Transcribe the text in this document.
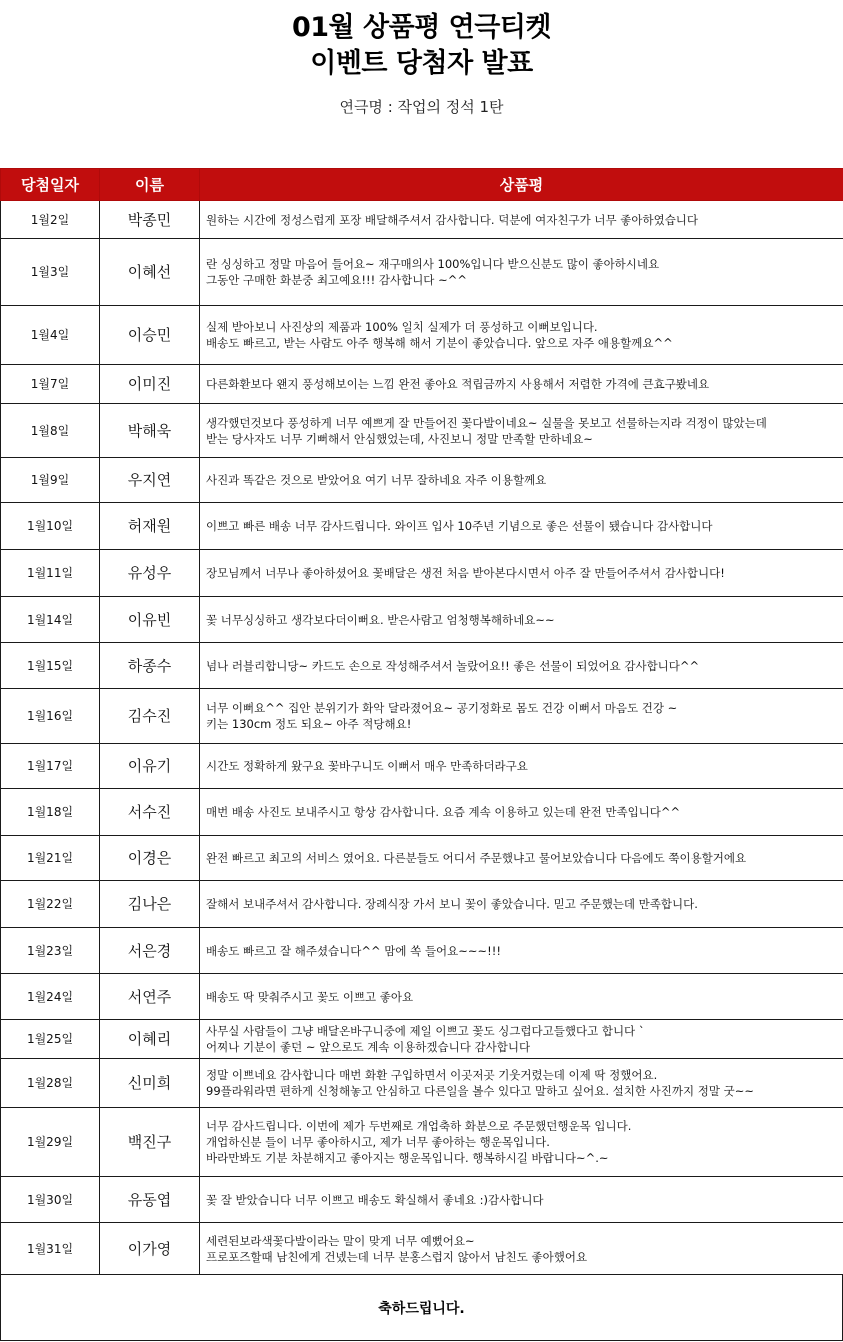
01월 상품평 연극티켓
이벤트 당첨자 발표
연극명 : 작업의 정석 1탄
당첨일자	이름	상품평
1월2일	박종민	원하는 시간에 정성스럽게 포장 배달해주셔서 감사합니다. 덕분에 여자친구가 너무 좋아하였습니다
1월3일	이혜선	란 싱싱하고 정말 마음어 들어요~ 재구매의사 100%입니다 받으신분도 많이 좋아하시네요
그동안 구매한 화분중 최고예요!!! 감사합니다 ~^^
1월4일	이승민	실제 받아보니 사진상의 제품과 100% 일치 실제가 더 풍성하고 이뻐보입니다.
배송도 빠르고, 받는 사람도 아주 행복해 해서 기분이 좋았습니다. 앞으로 자주 애용할께요^^
1월7일	이미진	다른화환보다 왠지 풍성해보이는 느낌 완전 좋아요 적립금까지 사용해서 저렴한 가격에 큰효구봤네요
1월8일	박해욱	생각했던것보다 풍성하게 너무 예쁘게 잘 만들어진 꽃다발이네요~ 실물을 못보고 선물하는지라 걱정이 많았는데
받는 당사자도 너무 기뻐해서 안심했었는데, 사진보니 정말 만족할 만하네요~
1월9일	우지연	사진과 똑같은 것으로 받았어요 여기 너무 잘하네요 자주 이용할께요
1월10일	허재원	이쁘고 빠른 배송 너무 감사드립니다. 와이프 입사 10주년 기념으로 좋은 선물이 됐습니다 감사합니다
1월11일	유성우	장모님께서 너무나 좋아하셨어요 꽃배달은 생전 처음 받아본다시면서 아주 잘 만들어주셔서 감사합니다!
1월14일	이유빈	꽃 너무싱싱하고 생각보다더이뻐요. 받은사람고 엄청행복해하네요~~
1월15일	하종수	넘나 러블리합니당~ 카드도 손으로 작성해주셔서 놀랐어요!! 좋은 선물이 되었어요 감사합니다^^
1월16일	김수진	너무 이뻐요^^ 집안 분위기가 화악 달라졌어요~ 공기정화로 몸도 건강 이뻐서 마음도 건강 ~
키는 130cm 정도 되요~ 아주 적당해요!
1월17일	이유기	시간도 정확하게 왔구요 꽃바구니도 이뻐서 매우 만족하더라구요
1월18일	서수진	매번 배송 사진도 보내주시고 항상 감사합니다. 요즘 계속 이용하고 있는데 완전 만족입니다^^
1월21일	이경은	완전 빠르고 최고의 서비스 였어요. 다른분들도 어디서 주문했냐고 물어보았습니다 다음에도 쭉이용할거에요
1월22일	김나은	잘해서 보내주셔서 감사합니다. 장례식장 가서 보니 꽃이 좋았습니다. 믿고 주문했는데 만족합니다.
1월23일	서은경	배송도 빠르고 잘 해주셨습니다^^ 맘에 쏙 들어요~~~!!!
1월24일	서연주	배송도 딱 맞춰주시고 꽃도 이쁘고 좋아요
1월25일	이혜리	사무실 사람들이 그냥 배달온바구니중에 제일 이쁘고 꽃도 싱그럽다고들했다고 합니다 `
어찌나 기분이 좋던 ~ 앞으로도 계속 이용하겠습니다 감사합니다
1월28일	신미희	정말 이쁘네요 감사합니다 매번 화환 구입하면서 이곳저곳 기웃거렸는데 이제 딱 정했어요.
99플라워라면 편하게 신청해놓고 안심하고 다른일을 볼수 있다고 말하고 싶어요. 설치한 사진까지 정말 굿~~
1월29일	백진구	너무 감사드립니다. 이번에 제가 두번째로 개업축하 화분으로 주문했던행운목 입니다.
개업하신분 들이 너무 좋아하시고, 제가 너무 좋아하는 행운목입니다.
바라만봐도 기분 차분해지고 좋아지는 행운목입니다. 행복하시길 바랍니다~^.~
1월30일	유동엽	꽃 잘 받았습니다 너무 이쁘고 배송도 확실해서 좋네요 :)감사합니다
1월31일	이가영	세련된보라색꽃다발이라는 말이 맞게 너무 예뻤어요~
프로포즈할때 남친에게 건넸는데 너무 분홍스럽지 않아서 남친도 좋아했어요
축하드립니다.
